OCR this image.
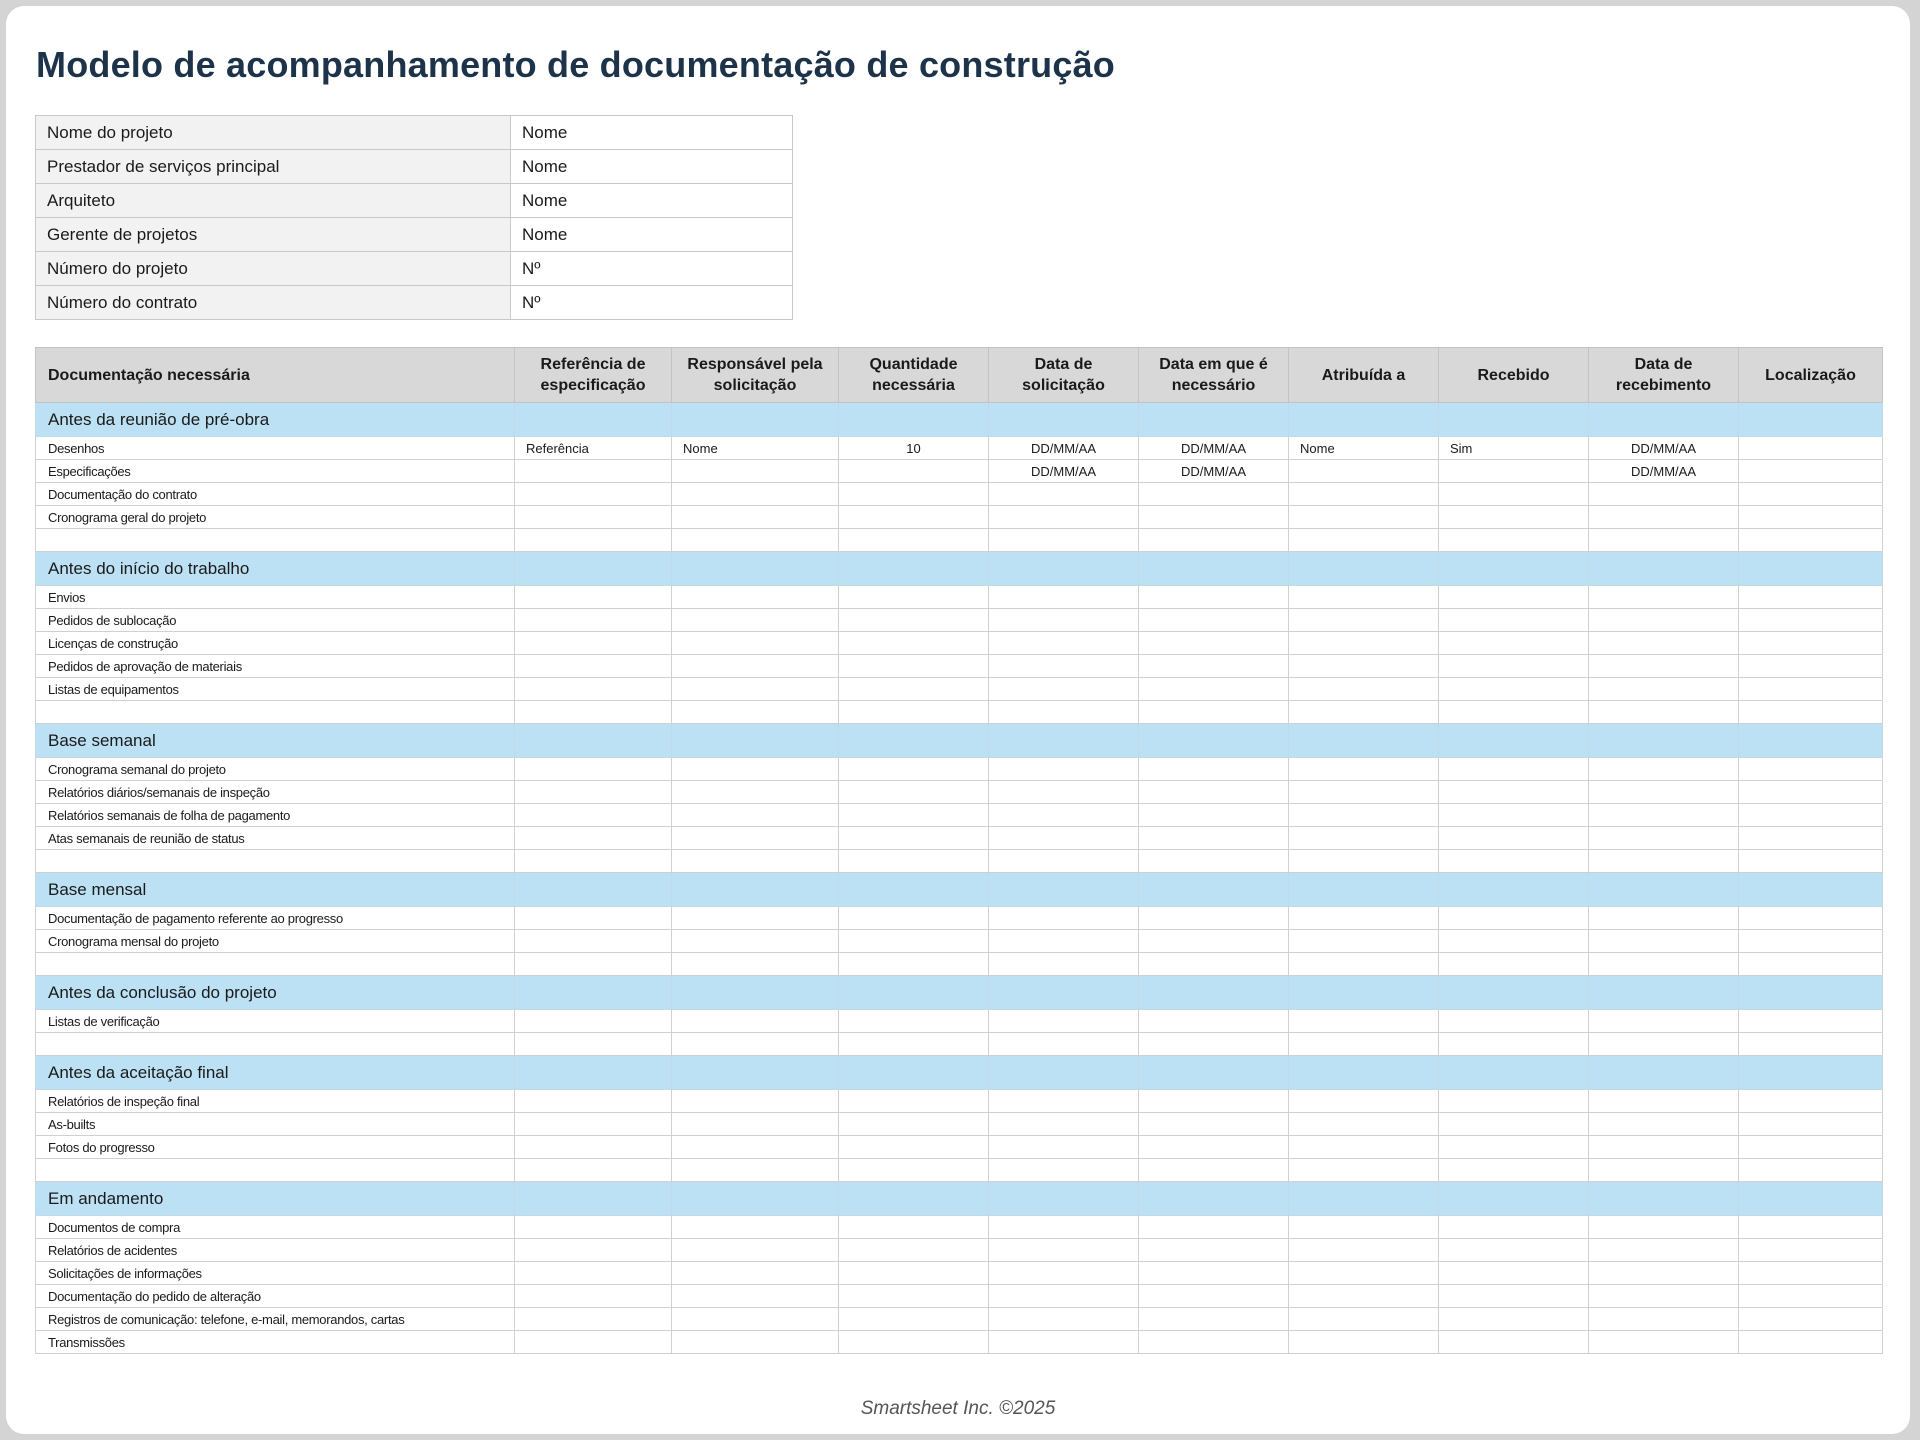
Modelo de acompanhamento de documentação de construção
Nome do projeto	Nome
Prestador de serviços principal	Nome
Arquiteto	Nome
Gerente de projetos	Nome
Número do projeto	Nº
Número do contrato	Nº
Documentação necessária	Referência de especificação	Responsável pela solicitação	Quantidade necessária	Data de solicitação	Data em que é necessário	Atribuída a	Recebido	Data de recebimento	Localização
Antes da reunião de pré-obra									
Desenhos	Referência	Nome	10	DD/MM/AA	DD/MM/AA	Nome	Sim	DD/MM/AA	
Especificações				DD/MM/AA	DD/MM/AA			DD/MM/AA	
Documentação do contrato									
Cronograma geral do projeto									

Antes do início do trabalho									
Envios									
Pedidos de sublocação									
Licenças de construção									
Pedidos de aprovação de materiais									
Listas de equipamentos									

Base semanal									
Cronograma semanal do projeto									
Relatórios diários/semanais de inspeção									
Relatórios semanais de folha de pagamento									
Atas semanais de reunião de status									

Base mensal									
Documentação de pagamento referente ao progresso									
Cronograma mensal do projeto									

Antes da conclusão do projeto									
Listas de verificação									

Antes da aceitação final									
Relatórios de inspeção final									
As-builts									
Fotos do progresso									

Em andamento									
Documentos de compra									
Relatórios de acidentes									
Solicitações de informações									
Documentação do pedido de alteração									
Registros de comunicação: telefone, e-mail, memorandos, cartas									
Transmissões									
Smartsheet Inc. ©2025
